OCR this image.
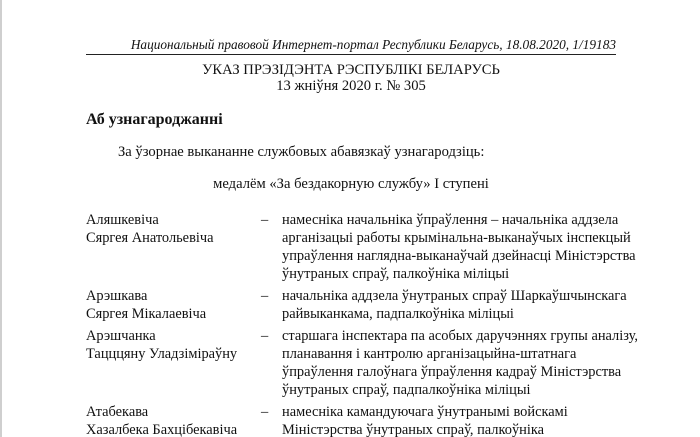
Национальный правовой Интернет-портал Республики Беларусь, 18.08.2020, 1/19183
УКАЗ ПРЭЗІДЭНТА РЭСПУБЛІКІ БЕЛАРУСЬ
13 жніўня 2020 г. № 305
Аб узнагароджанні
За ўзорнае выкананне службовых абавязкаў узнагародзіць:
медалём «За бездакорную службу» I ступені
Аляшкевіча
Сяргея Анатольевіча
– намесніка начальніка ўпраўлення – начальніка аддзела
арганізацыі работы крымінальна-выканаўчых інспекцый
упраўлення наглядна-выканаўчай дзейнасці Міністэрства
ўнутраных спраў, палкоўніка міліцыі
Арэшкава
Сяргея Мікалаевіча
– начальніка аддзела ўнутраных спраў Шаркаўшчынскага
райвыканкама, падпалкоўніка міліцыі
Арэшчанка
Тацццяну Уладзіміраўну
– старшага інспектара па асобых даручэннях групы аналізу,
планавання і кантролю арганізацыйна-штатнага
ўпраўлення галоўнага ўпраўлення кадраў Міністэрства
ўнутраных спраў, падпалкоўніка міліцыі
Атабекава
Хазалбека Бахцібекавіча
– намесніка камандуючага ўнутранымі войскамі
Міністэрства ўнутраных спраў, палкоўніка
